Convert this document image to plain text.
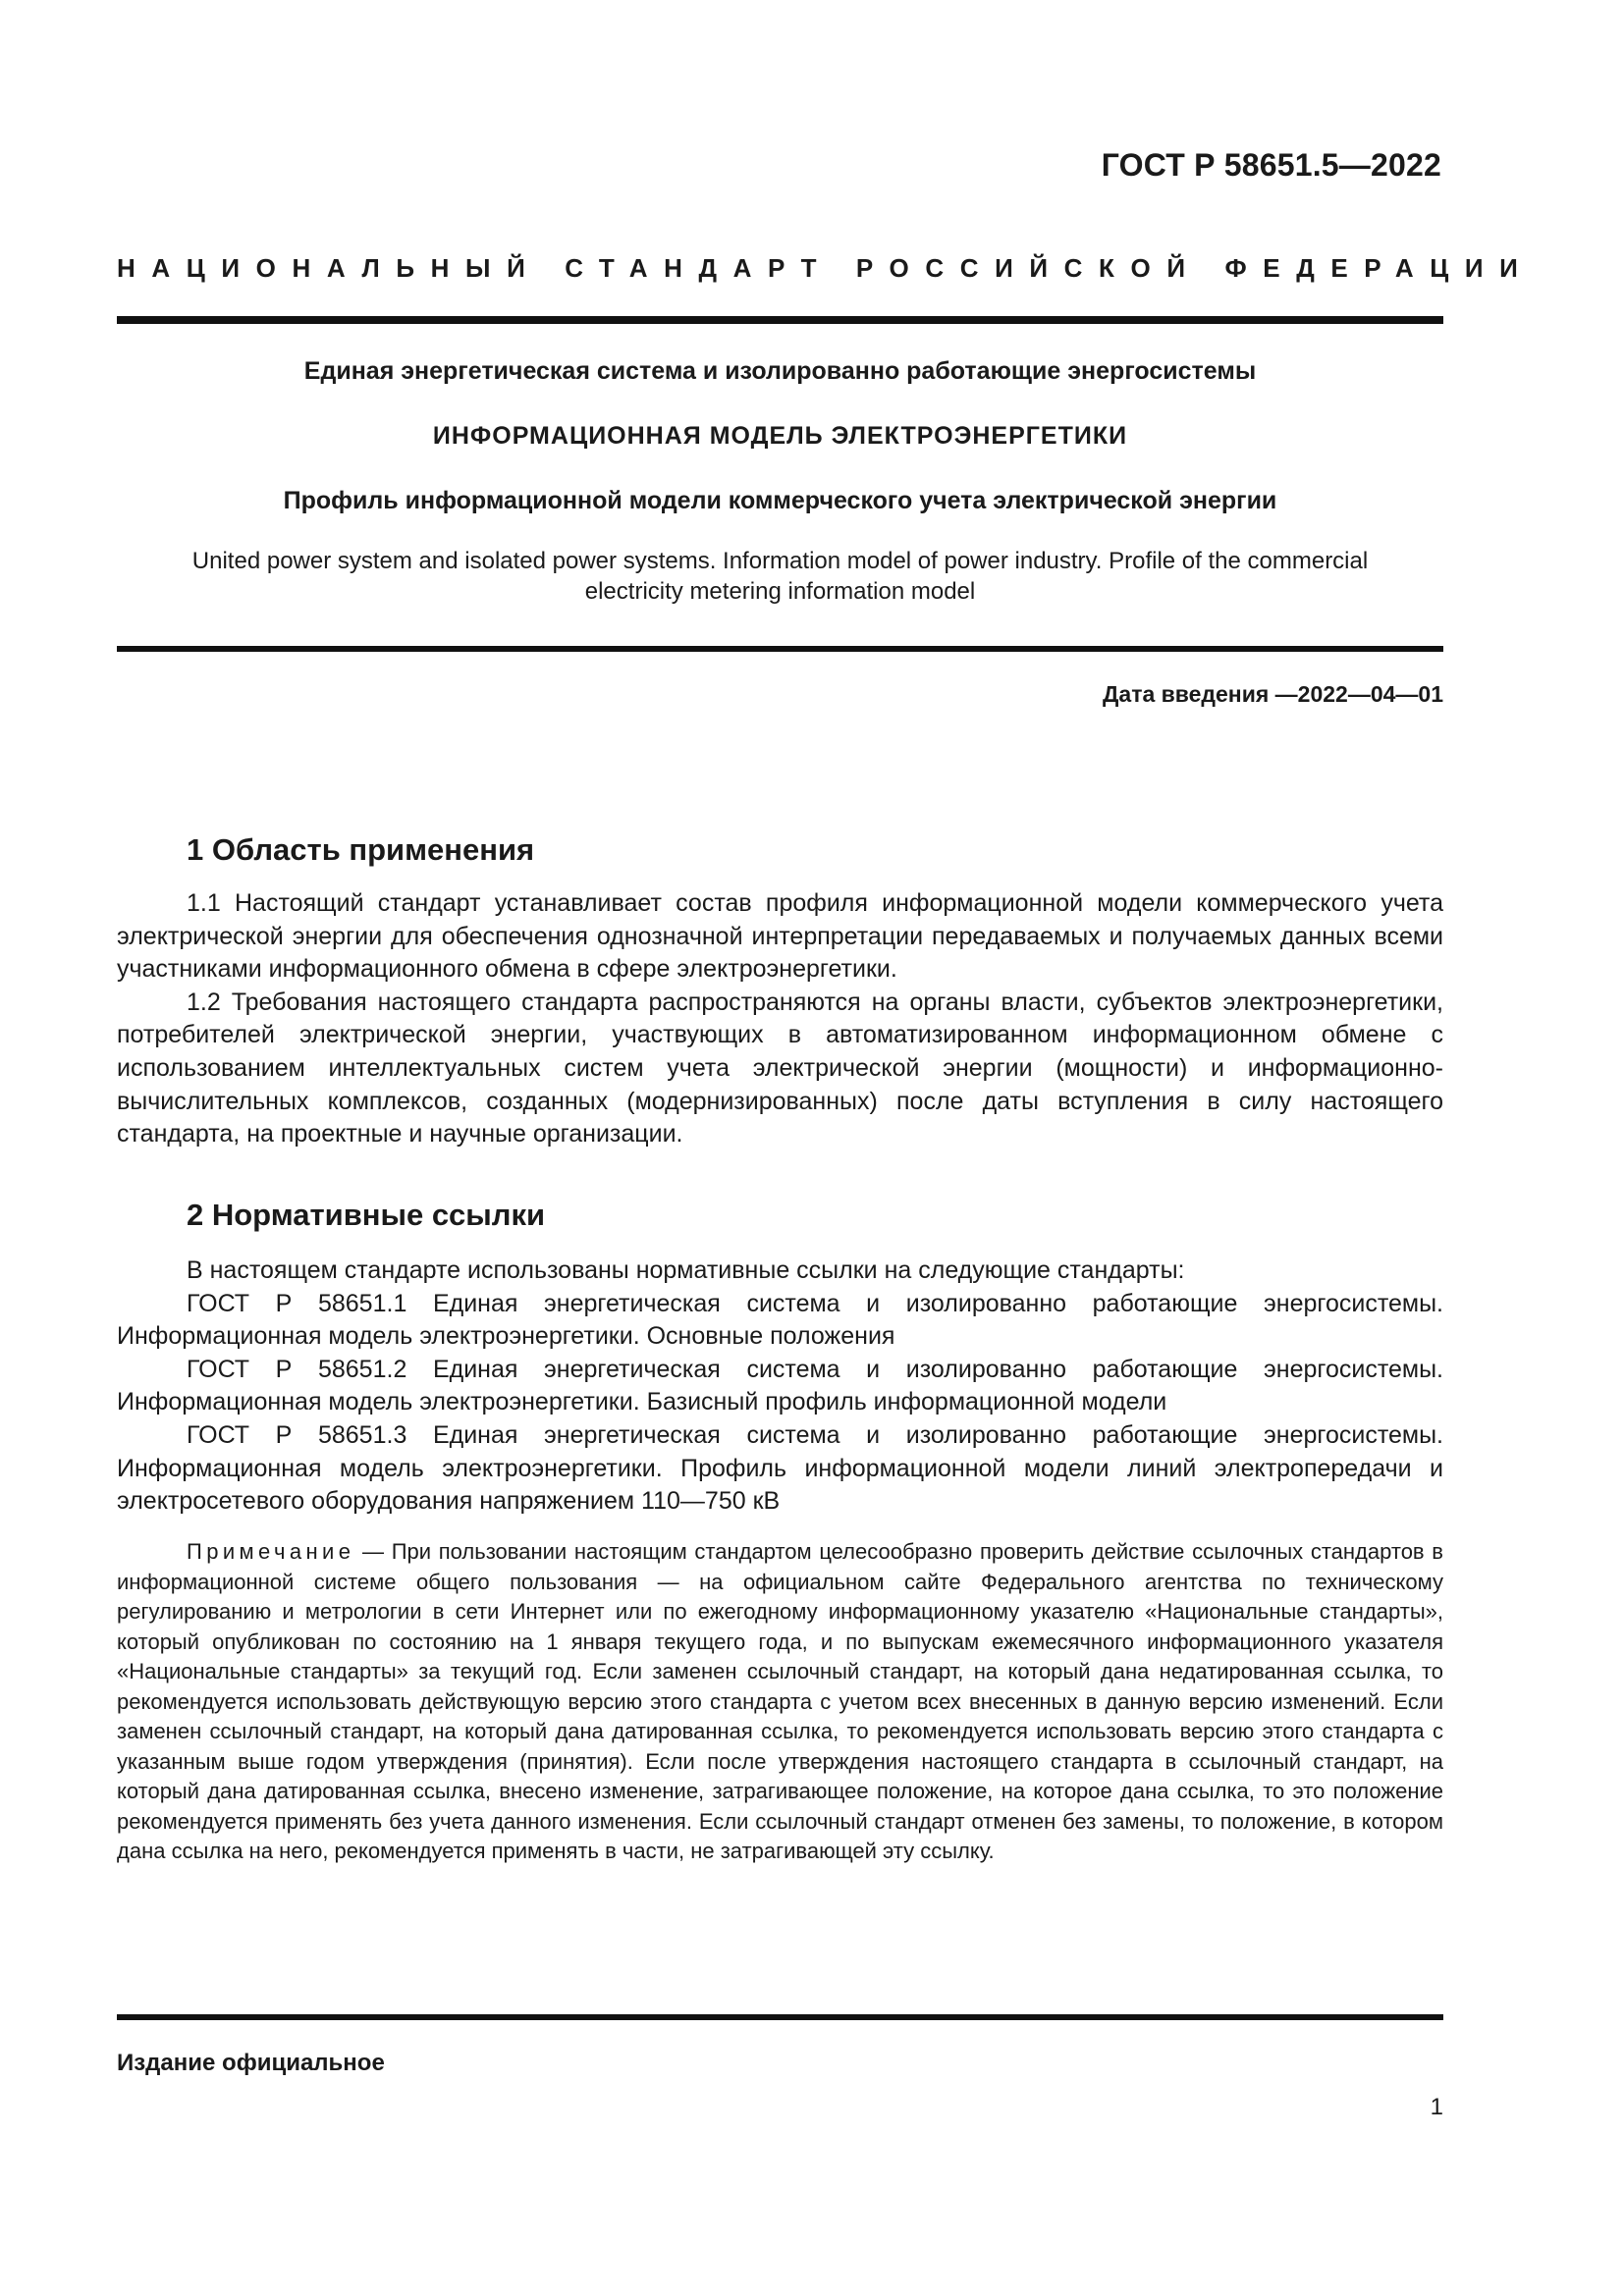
ГОСТ Р 58651.5—2022

НАЦИОНАЛЬНЫЙ СТАНДАРТ РОССИЙСКОЙ ФЕДЕРАЦИИ

Единая энергетическая система и изолированно работающие энергосистемы

ИНФОРМАЦИОННАЯ МОДЕЛЬ ЭЛЕКТРОЭНЕРГЕТИКИ

Профиль информационной модели коммерческого учета электрической энергии

United power system and isolated power systems. Information model of power industry. Profile of the commercial
electricity metering information model

Дата введения —2022—04—01

1 Область применения

1.1 Настоящий стандарт устанавливает состав профиля информационной модели коммерческого учета электрической энергии для обеспечения однозначной интерпретации передаваемых и получаемых данных всеми участниками информационного обмена в сфере электроэнергетики.

1.2 Требования настоящего стандарта распространяются на органы власти, субъектов электроэнергетики, потребителей электрической энергии, участвующих в автоматизированном информационном обмене с использованием интеллектуальных систем учета электрической энергии (мощности) и информационно-вычислительных комплексов, созданных (модернизированных) после даты вступления в силу настоящего стандарта, на проектные и научные организации.

2 Нормативные ссылки

В настоящем стандарте использованы нормативные ссылки на следующие стандарты:

ГОСТ Р 58651.1 Единая энергетическая система и изолированно работающие энергосистемы. Информационная модель электроэнергетики. Основные положения

ГОСТ Р 58651.2 Единая энергетическая система и изолированно работающие энергосистемы. Информационная модель электроэнергетики. Базисный профиль информационной модели

ГОСТ Р 58651.3 Единая энергетическая система и изолированно работающие энергосистемы. Информационная модель электроэнергетики. Профиль информационной модели линий электропередачи и электросетевого оборудования напряжением 110—750 кВ

Примечание — При пользовании настоящим стандартом целесообразно проверить действие ссылочных стандартов в информационной системе общего пользования — на официальном сайте Федерального агентства по техническому регулированию и метрологии в сети Интернет или по ежегодному информационному указателю «Национальные стандарты», который опубликован по состоянию на 1 января текущего года, и по выпускам ежемесячного информационного указателя «Национальные стандарты» за текущий год. Если заменен ссылочный стандарт, на который дана недатированная ссылка, то рекомендуется использовать действующую версию этого стандарта с учетом всех внесенных в данную версию изменений. Если заменен ссылочный стандарт, на который дана датированная ссылка, то рекомендуется использовать версию этого стандарта с указанным выше годом утверждения (принятия). Если после утверждения настоящего стандарта в ссылочный стандарт, на который дана датированная ссылка, внесено изменение, затрагивающее положение, на которое дана ссылка, то это положение рекомендуется применять без учета данного изменения. Если ссылочный стандарт отменен без замены, то положение, в котором дана ссылка на него, рекомендуется применять в части, не затрагивающей эту ссылку.

Издание официальное

1
